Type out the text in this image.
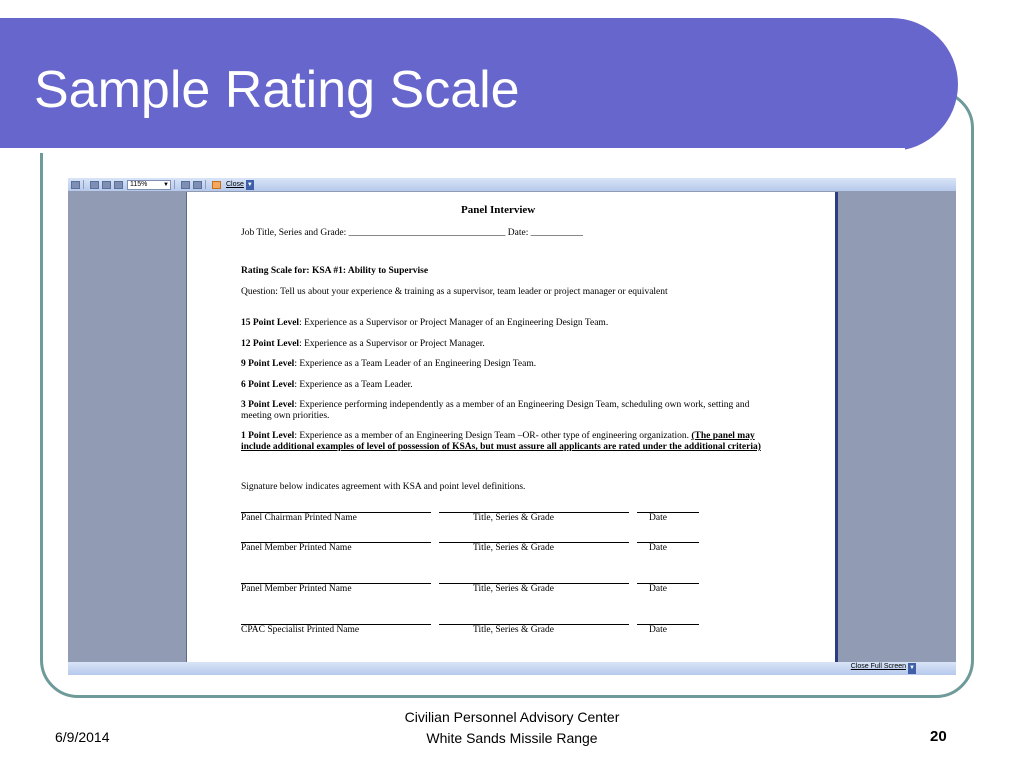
Sample Rating Scale
115%	▼	Close ▼
Panel Interview
Job Title, Series and Grade: _________________________________ Date: ___________
Rating Scale for: KSA #1: Ability to Supervise
Question: Tell us about your experience & training as a supervisor, team leader or project manager or equivalent
15 Point Level: Experience as a Supervisor or Project Manager of an Engineering Design Team.
12 Point Level: Experience as a Supervisor or Project Manager.
9 Point Level: Experience as a Team Leader of an Engineering Design Team.
6 Point Level: Experience as a Team Leader.
3 Point Level: Experience performing independently as a member of an Engineering Design Team, scheduling own work, setting and meeting own priorities.
1 Point Level: Experience as a member of an Engineering Design Team –OR- other type of engineering organization. (The panel may include additional examples of level of possession of KSAs, but must assure all applicants are rated under the additional criteria)
Signature below indicates agreement with KSA and point level definitions.
Panel Chairman Printed Name	Title, Series & Grade	Date
Panel Member Printed Name	Title, Series & Grade	Date
Panel Member Printed Name	Title, Series & Grade	Date
CPAC Specialist Printed Name	Title, Series & Grade	Date
Close Full Screen ▼
6/9/2014
Civilian Personnel Advisory Center
White Sands Missile Range	20
